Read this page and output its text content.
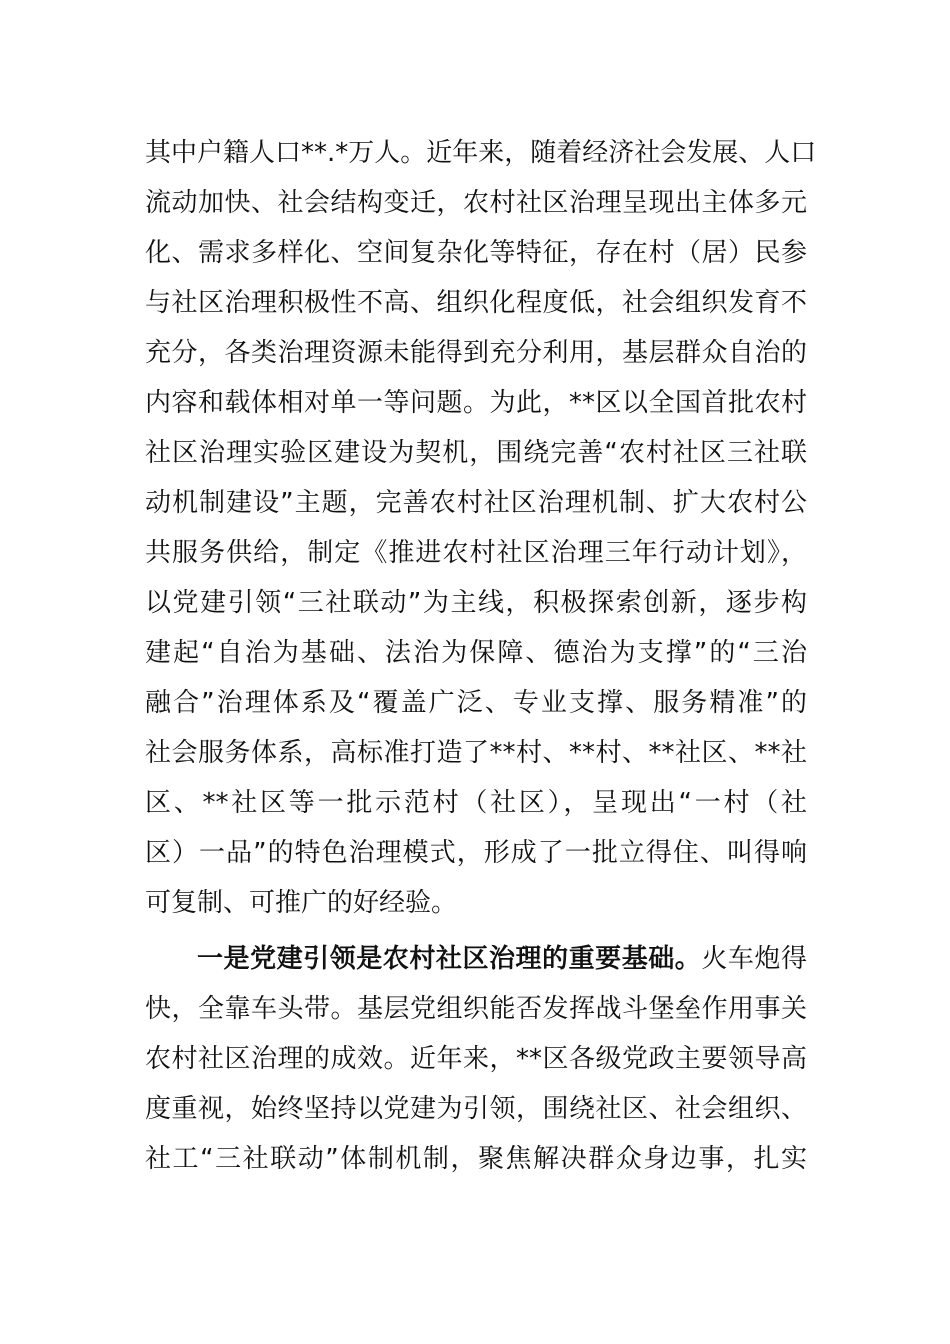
其中户籍人口**.*万人。近年来，随着经济社会发展、人口
流动加快、社会结构变迁，农村社区治理呈现出主体多元
化、需求多样化、空间复杂化等特征，存在村（居）民参
与社区治理积极性不高、组织化程度低，社会组织发育不
充分，各类治理资源未能得到充分利用，基层群众自治的
内容和载体相对单一等问题。为此，**区以全国首批农村
社区治理实验区建设为契机，围绕完善“农村社区三社联
动机制建设”主题，完善农村社区治理机制、扩大农村公
共服务供给，制定《推进农村社区治理三年行动计划》，
以党建引领“三社联动”为主线，积极探索创新，逐步构
建起“自治为基础、法治为保障、德治为支撑”的“三治
融合”治理体系及“覆盖广泛、专业支撑、服务精准”的
社会服务体系，高标准打造了**村、**村、**社区、**社
区、**社区等一批示范村（社区），呈现出“一村（社
区）一品”的特色治理模式，形成了一批立得住、叫得响
可复制、可推广的好经验。
一是党建引领是农村社区治理的重要基础。火车炮得
快，全靠车头带。基层党组织能否发挥战斗堡垒作用事关
农村社区治理的成效。近年来，**区各级党政主要领导高
度重视，始终坚持以党建为引领，围绕社区、社会组织、
社工“三社联动”体制机制，聚焦解决群众身边事，扎实
